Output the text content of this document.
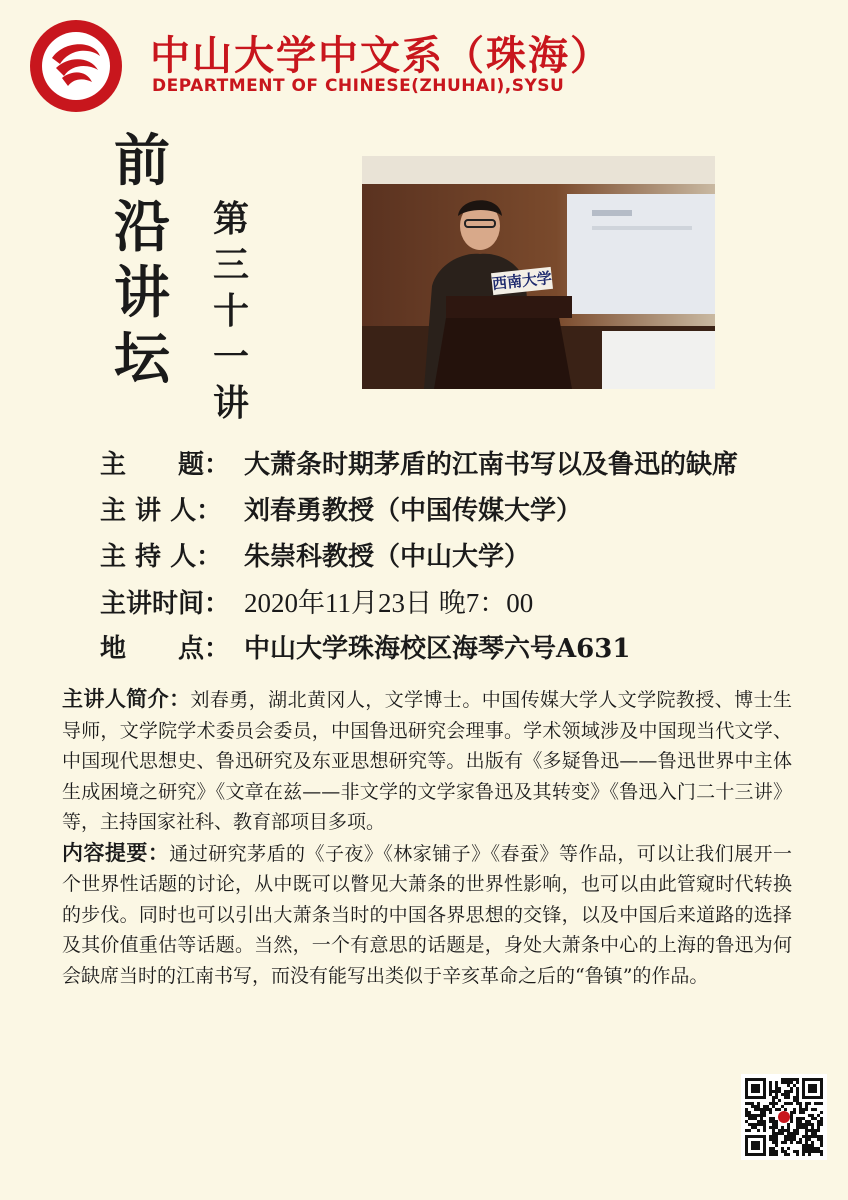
中山大学中文系（珠海）
DEPARTMENT OF CHINESE(ZHUHAI),SYSU
前
沿
讲
坛
第
三
十
一
讲
西南大学
主　　题： 大萧条时期茅盾的江南书写以及鲁迅的缺席
主 讲 人： 刘春勇教授（中国传媒大学）
主 持 人： 朱崇科教授（中山大学）
主讲时间： 2020年11月23日 晚7：00
地　　点： 中山大学珠海校区海琴六号A631

主讲人简介：刘春勇，湖北黄冈人，文学博士。中国传媒大学人文学院教授、博士生导师，文学院学术委员会委员，中国鲁迅研究会理事。学术领域涉及中国现当代文学、中国现代思想史、鲁迅研究及东亚思想研究等。出版有《多疑鲁迅——鲁迅世界中主体生成困境之研究》《文章在兹——非文学的文学家鲁迅及其转变》《鲁迅入门二十三讲》等，主持国家社科、教育部项目多项。

内容提要：通过研究茅盾的《子夜》《林家铺子》《春蚕》等作品，可以让我们展开一个世界性话题的讨论，从中既可以瞥见大萧条的世界性影响，也可以由此管窥时代转换的步伐。同时也可以引出大萧条当时的中国各界思想的交锋，以及中国后来道路的选择及其价值重估等话题。当然，一个有意思的话题是，身处大萧条中心的上海的鲁迅为何会缺席当时的江南书写，而没有能写出类似于辛亥革命之后的“鲁镇”的作品。
